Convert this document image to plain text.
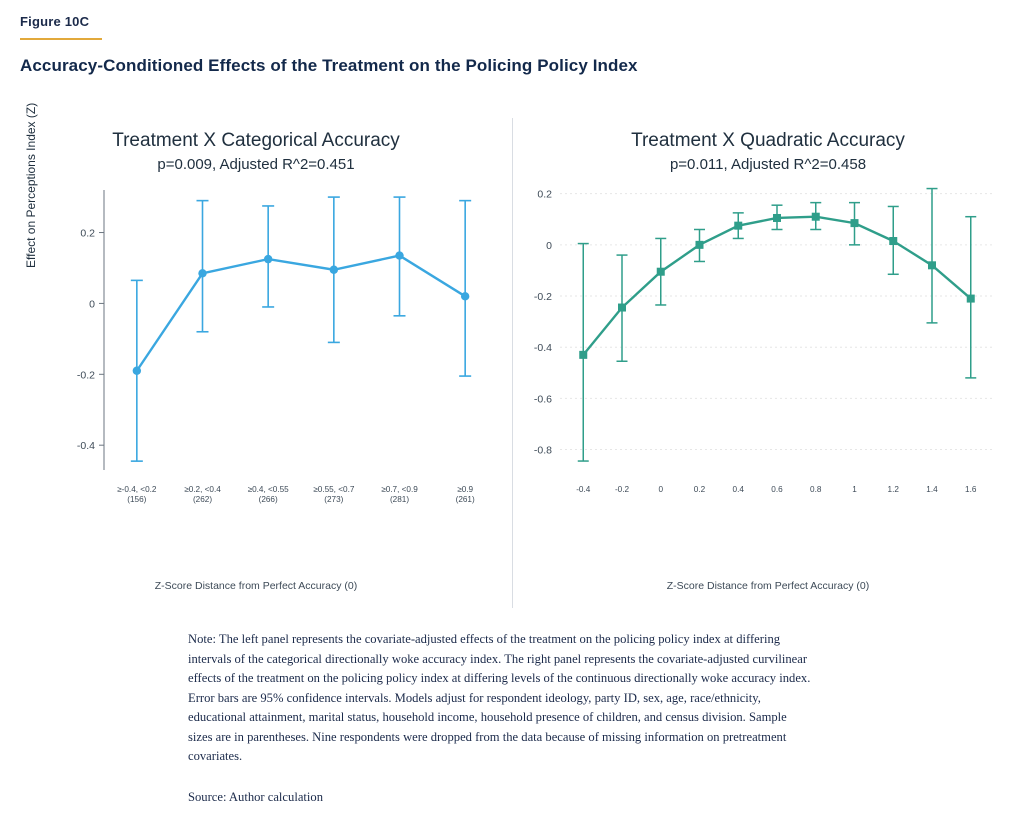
Figure 10C
Accuracy-Conditioned Effects of the Treatment on the Policing Policy Index
Treatment X Categorical Accuracy
p=0.009, Adjusted R^2=0.451
Effect on Perceptions Index (Z)	0.2
0
-0.2
-0.4
≥-0.4, <0.2
(156)
≥0.2, <0.4
(262)
≥0.4, <0.55
(266)
≥0.55, <0.7
(273)
≥0.7, <0.9
(281)
≥0.9
(261)
Z-Score Distance from Perfect Accuracy (0)
Treatment X Quadratic Accuracy
p=0.011, Adjusted R^2=0.458
0.2
0
-0.2
-0.4
-0.6
-0.8
-0.4	-0.2	0	0.2	0.4	0.6	0.8	1	1.2	1.4	1.6
Z-Score Distance from Perfect Accuracy (0)
Note: The left panel represents the covariate-adjusted effects of the treatment on the policing policy index at differing intervals of the categorical directionally woke accuracy index. The right panel represents the covariate-adjusted curvilinear effects of the treatment on the policing policy index at differing levels of the continuous directionally woke accuracy index. Error bars are 95% confidence intervals. Models adjust for respondent ideology, party ID, sex, age, race/ethnicity, educational attainment, marital status, household income, household presence of children, and census division. Sample sizes are in parentheses. Nine respondents were dropped from the data because of missing information on pretreatment covariates.
Source: Author calculation
